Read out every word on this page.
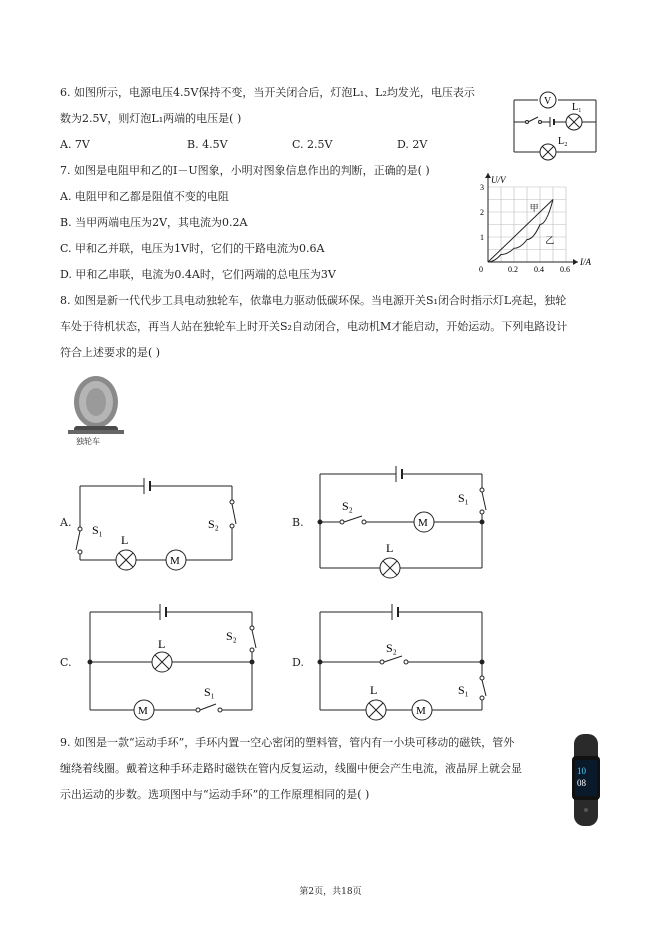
6. 如图所示，电源电压4.5V保持不变，当开关闭合后，灯泡L₁、L₂均发光，电压表示
数为2.5V，则灯泡L₁两端的电压是( )
A. 7V	B. 4.5V	C. 2.5V	D. 2V
V
L₁
L₂
7. 如图是电阻甲和乙的I－U图象，小明对图象信息作出的判断，正确的是( )
A. 电阻甲和乙都是阻值不变的电阻
B. 当甲两端电压为2V，其电流为0.2A
C. 甲和乙并联，电压为1V时，它们的干路电流为0.6A
D. 甲和乙串联，电流为0.4A时，它们两端的总电压为3V
U/V
I/A
0	0.2 0.4 0.6
1
2
3
甲
乙
8. 如图是新一代代步工具电动独轮车，依靠电力驱动低碳环保。当电源开关S₁闭合时指示灯L亮起，独轮
车处于待机状态，再当人站在独轮车上时开关S₂自动闭合，电动机M才能启动，开始运动。下列电路设计
符合上述要求的是( )
独轮车
A.	B.
C.	D.
S₁	S₂
L
M
S₂
S₁
L
M
L
S₂
S₁
M
S₂
S₁
L
M
9. 如图是一款“运动手环”，手环内置一空心密闭的塑料管，管内有一小块可移动的磁铁，管外
缠绕着线圈。戴着这种手环走路时磁铁在管内反复运动，线圈中便会产生电流，液晶屏上就会显
示出运动的步数。选项图中与“运动手环”的工作原理相同的是( )
10
08
第2页，共18页
